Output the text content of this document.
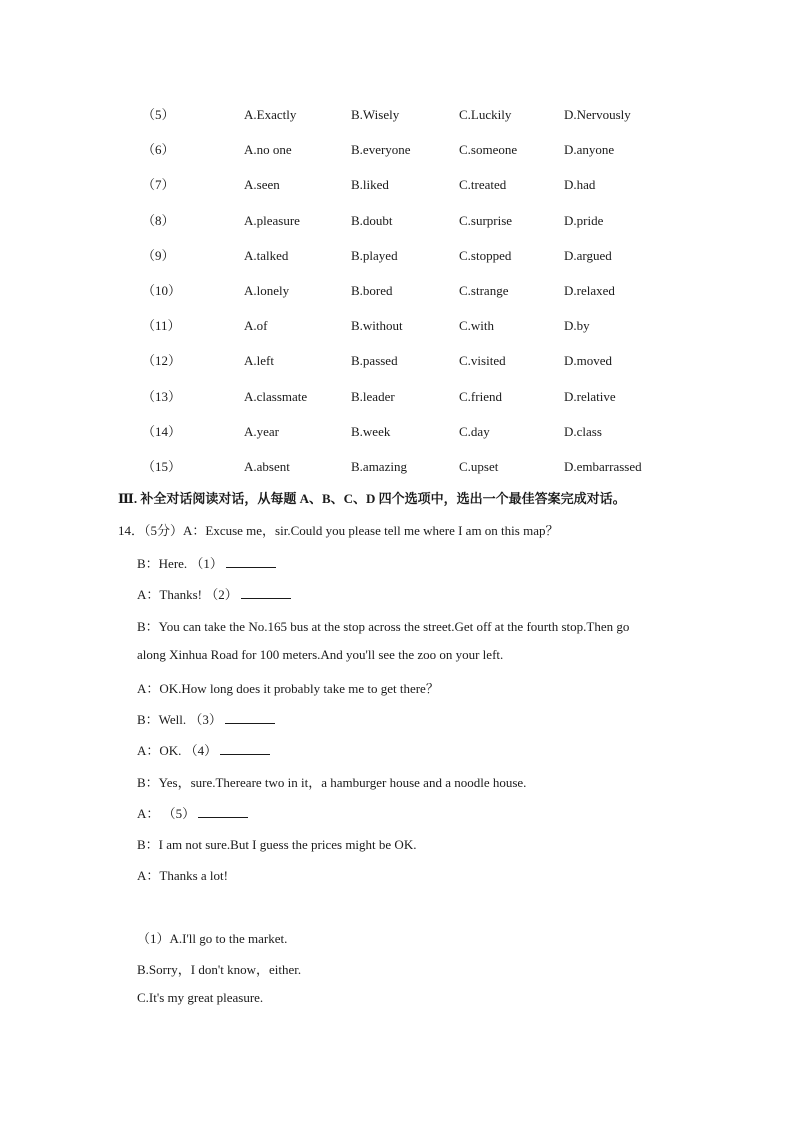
（5）	A.Exactly	B.Wisely	C.Luckily	D.Nervously
（6）	A.no one	B.everyone	C.someone	D.anyone
（7）	A.seen	B.liked	C.treated	D.had
（8）	A.pleasure	B.doubt	C.surprise	D.pride
（9）	A.talked	B.played	C.stopped	D.argued
（10）	A.lonely	B.bored	C.strange	D.relaxed
（11）	A.of	B.without	C.with	D.by
（12）	A.left	B.passed	C.visited	D.moved
（13）	A.classmate	B.leader	C.friend	D.relative
（14）	A.year	B.week	C.day	D.class
（15）	A.absent	B.amazing	C.upset	D.embarrassed
Ⅲ. 补全对话阅读对话，从每题 A、B、C、D 四个选项中，选出一个最佳答案完成对话。
14．（5分）A：Excuse me，sir.Could you please tell me where I am on this map？
B：Here. （1）
A：Thanks! （2）
B：You can take the No.165 bus at the stop across the street.Get off at the fourth stop.Then go
along Xinhua Road for 100 meters.And you'll see the zoo on your left.
A：OK.How long does it probably take me to get there？
B：Well. （3）
A：OK. （4）
B：Yes，sure.Thereare two in it，a hamburger house and a noodle house.
A： （5）
B：I am not sure.But I guess the prices might be OK.
A：Thanks a lot!
（1）A.I'll go to the market.
B.Sorry，I don't know，either.
C.It's my great pleasure.
